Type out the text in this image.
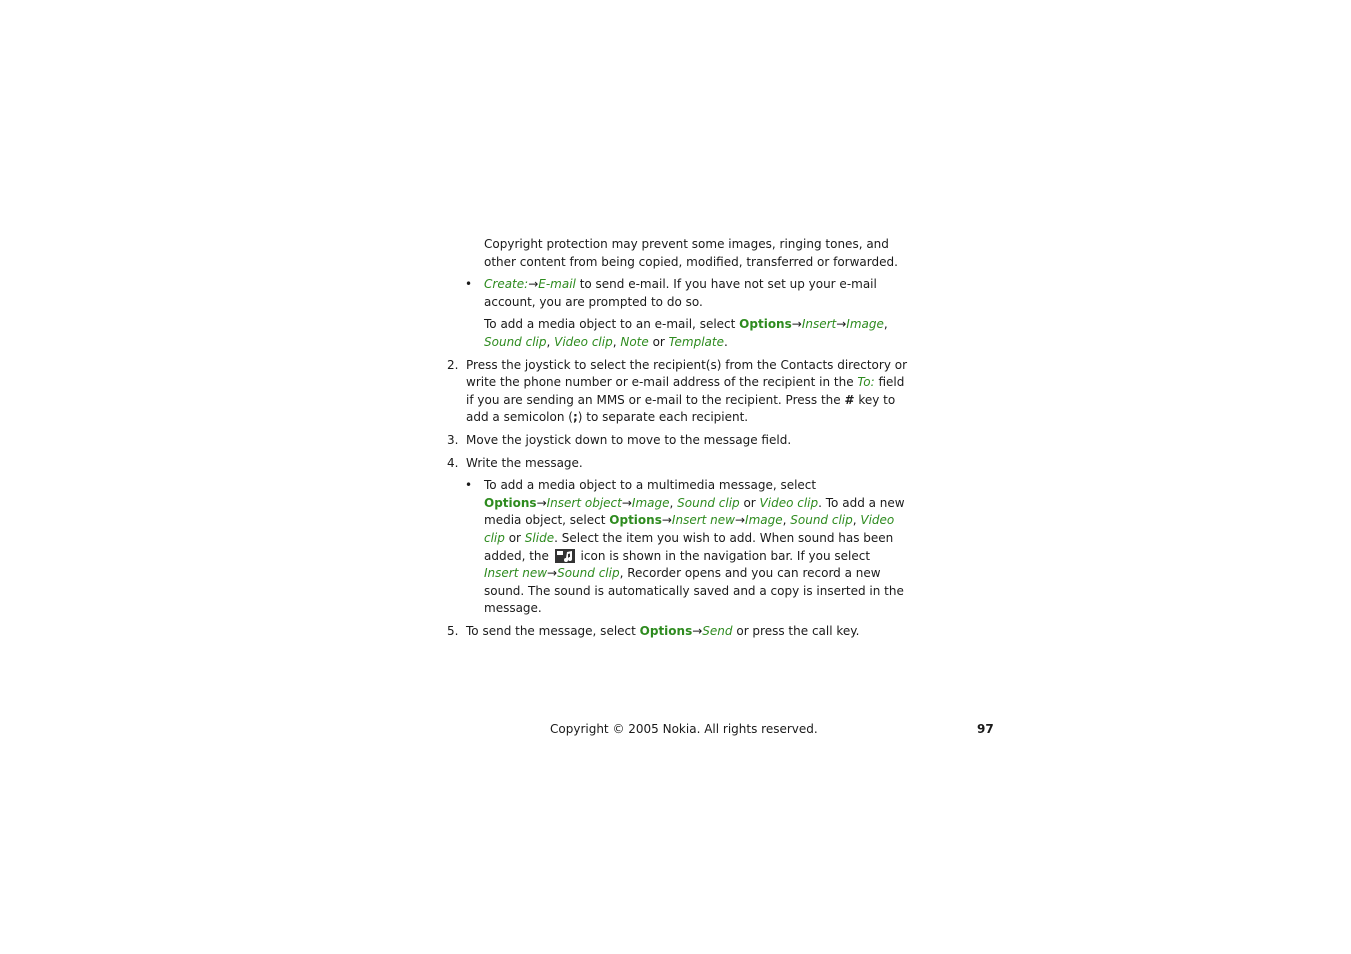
Copyright protection may prevent some images, ringing tones, and other content from being copied, modified, transferred or forwarded.

• Create:→E-mail to send e-mail. If you have not set up your e-mail account, you are prompted to do so.

To add a media object to an e-mail, select Options→Insert→Image, Sound clip, Video clip, Note or Template.

2. Press the joystick to select the recipient(s) from the Contacts directory or write the phone number or e-mail address of the recipient in the To: field if you are sending an MMS or e-mail to the recipient. Press the # key to add a semicolon (;) to separate each recipient.
3. Move the joystick down to move to the message field.
4. Write the message.
• To add a media object to a multimedia message, select Options→Insert object→Image, Sound clip or Video clip. To add a new media object, select Options→Insert new→Image, Sound clip, Video clip or Slide. Select the item you wish to add. When sound has been added, the  icon is shown in the navigation bar. If you select Insert new→Sound clip, Recorder opens and you can record a new sound. The sound is automatically saved and a copy is inserted in the message.
5. To send the message, select Options→Send or press the call key.
Copyright © 2005 Nokia. All rights reserved.	97
